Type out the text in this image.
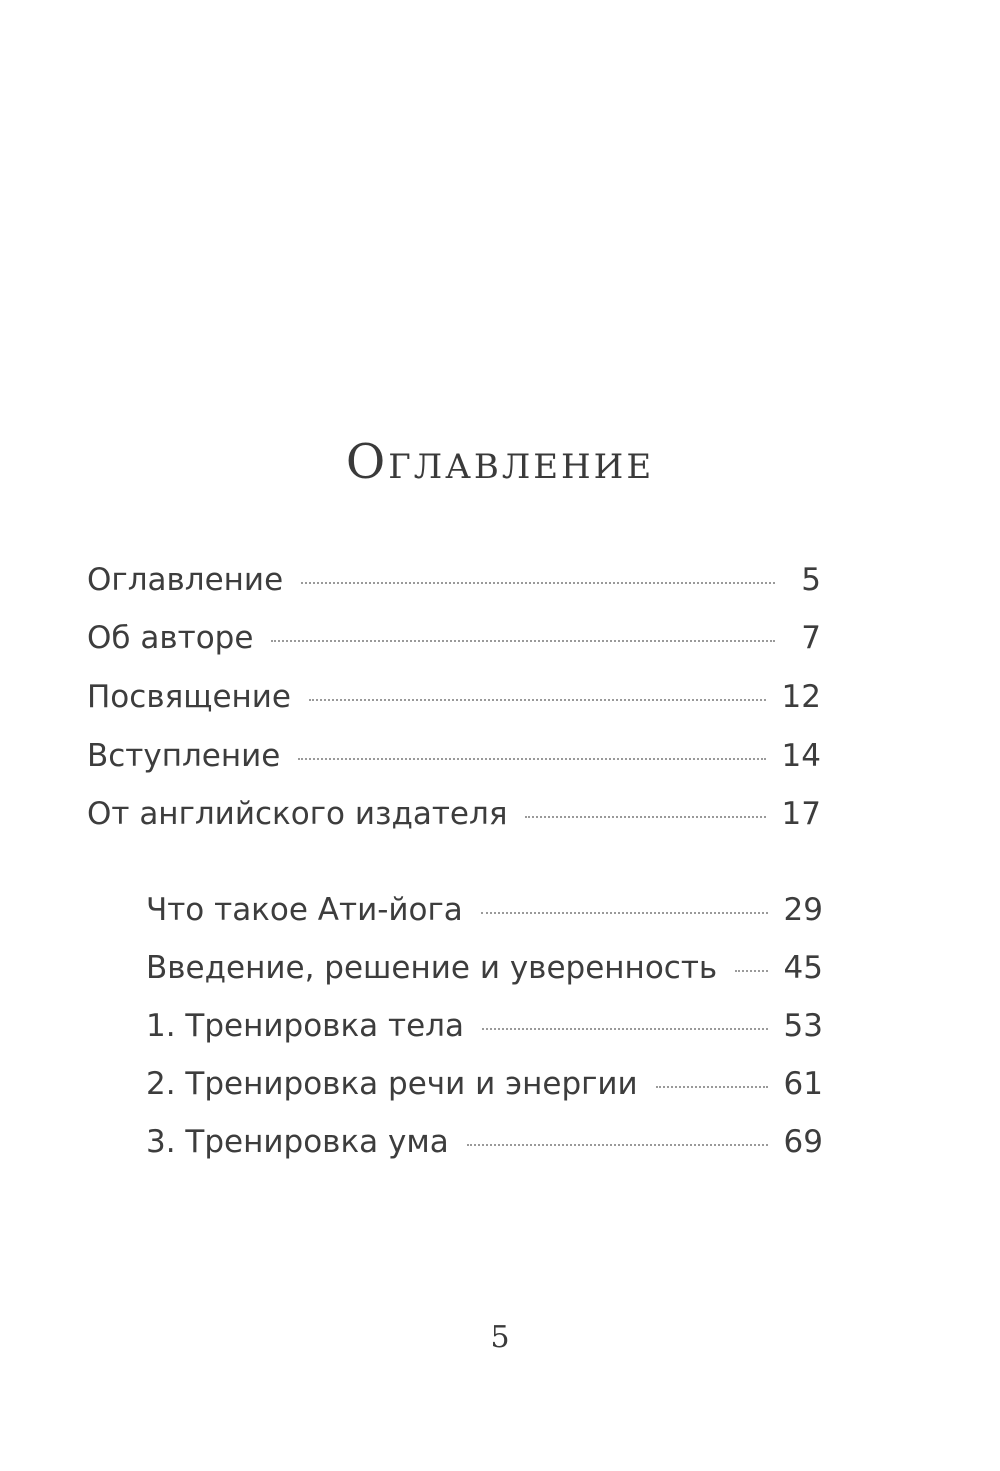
Оглавление
Оглавление	5
Об авторе	7
Посвящение	12
Вступление	14
От английского издателя	17
Что такое Ати-йога	29
Введение, решение и уверенность 45
1. Тренировка тела	53
2. Тренировка речи и энергии	61
3. Тренировка ума	69
5
